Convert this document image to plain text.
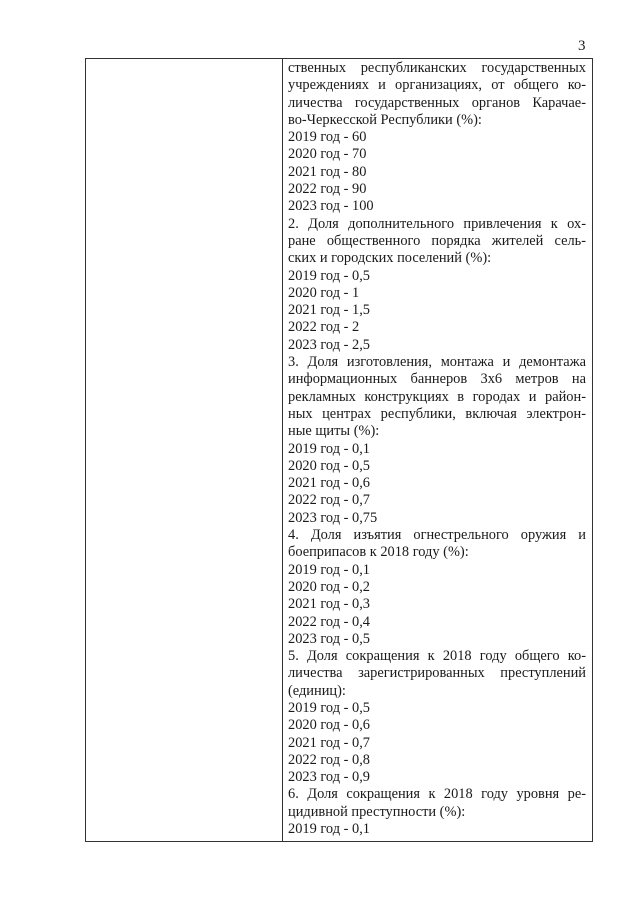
3
ственных республиканских государственных
учреждениях и организациях, от общего ко-
личества государственных органов Карачае-
во-Черкесской Республики (%):
2019 год - 60
2020 год - 70
2021 год - 80
2022 год - 90
2023 год - 100
2. Доля дополнительного привлечения к ох-
ране общественного порядка жителей сель-
ских и городских поселений (%):
2019 год - 0,5
2020 год - 1
2021 год - 1,5
2022 год - 2
2023 год - 2,5
3. Доля изготовления, монтажа и демонтажа
информационных баннеров 3х6 метров на
рекламных конструкциях в городах и район-
ных центрах республики, включая электрон-
ные щиты (%):
2019 год - 0,1
2020 год - 0,5
2021 год - 0,6
2022 год - 0,7
2023 год - 0,75
4. Доля изъятия огнестрельного оружия и
боеприпасов к 2018 году (%):
2019 год - 0,1
2020 год - 0,2
2021 год - 0,3
2022 год - 0,4
2023 год - 0,5
5. Доля сокращения к 2018 году общего ко-
личества зарегистрированных преступлений
(единиц):
2019 год - 0,5
2020 год - 0,6
2021 год - 0,7
2022 год - 0,8
2023 год - 0,9
6. Доля сокращения к 2018 году уровня ре-
цидивной преступности (%):
2019 год - 0,1
